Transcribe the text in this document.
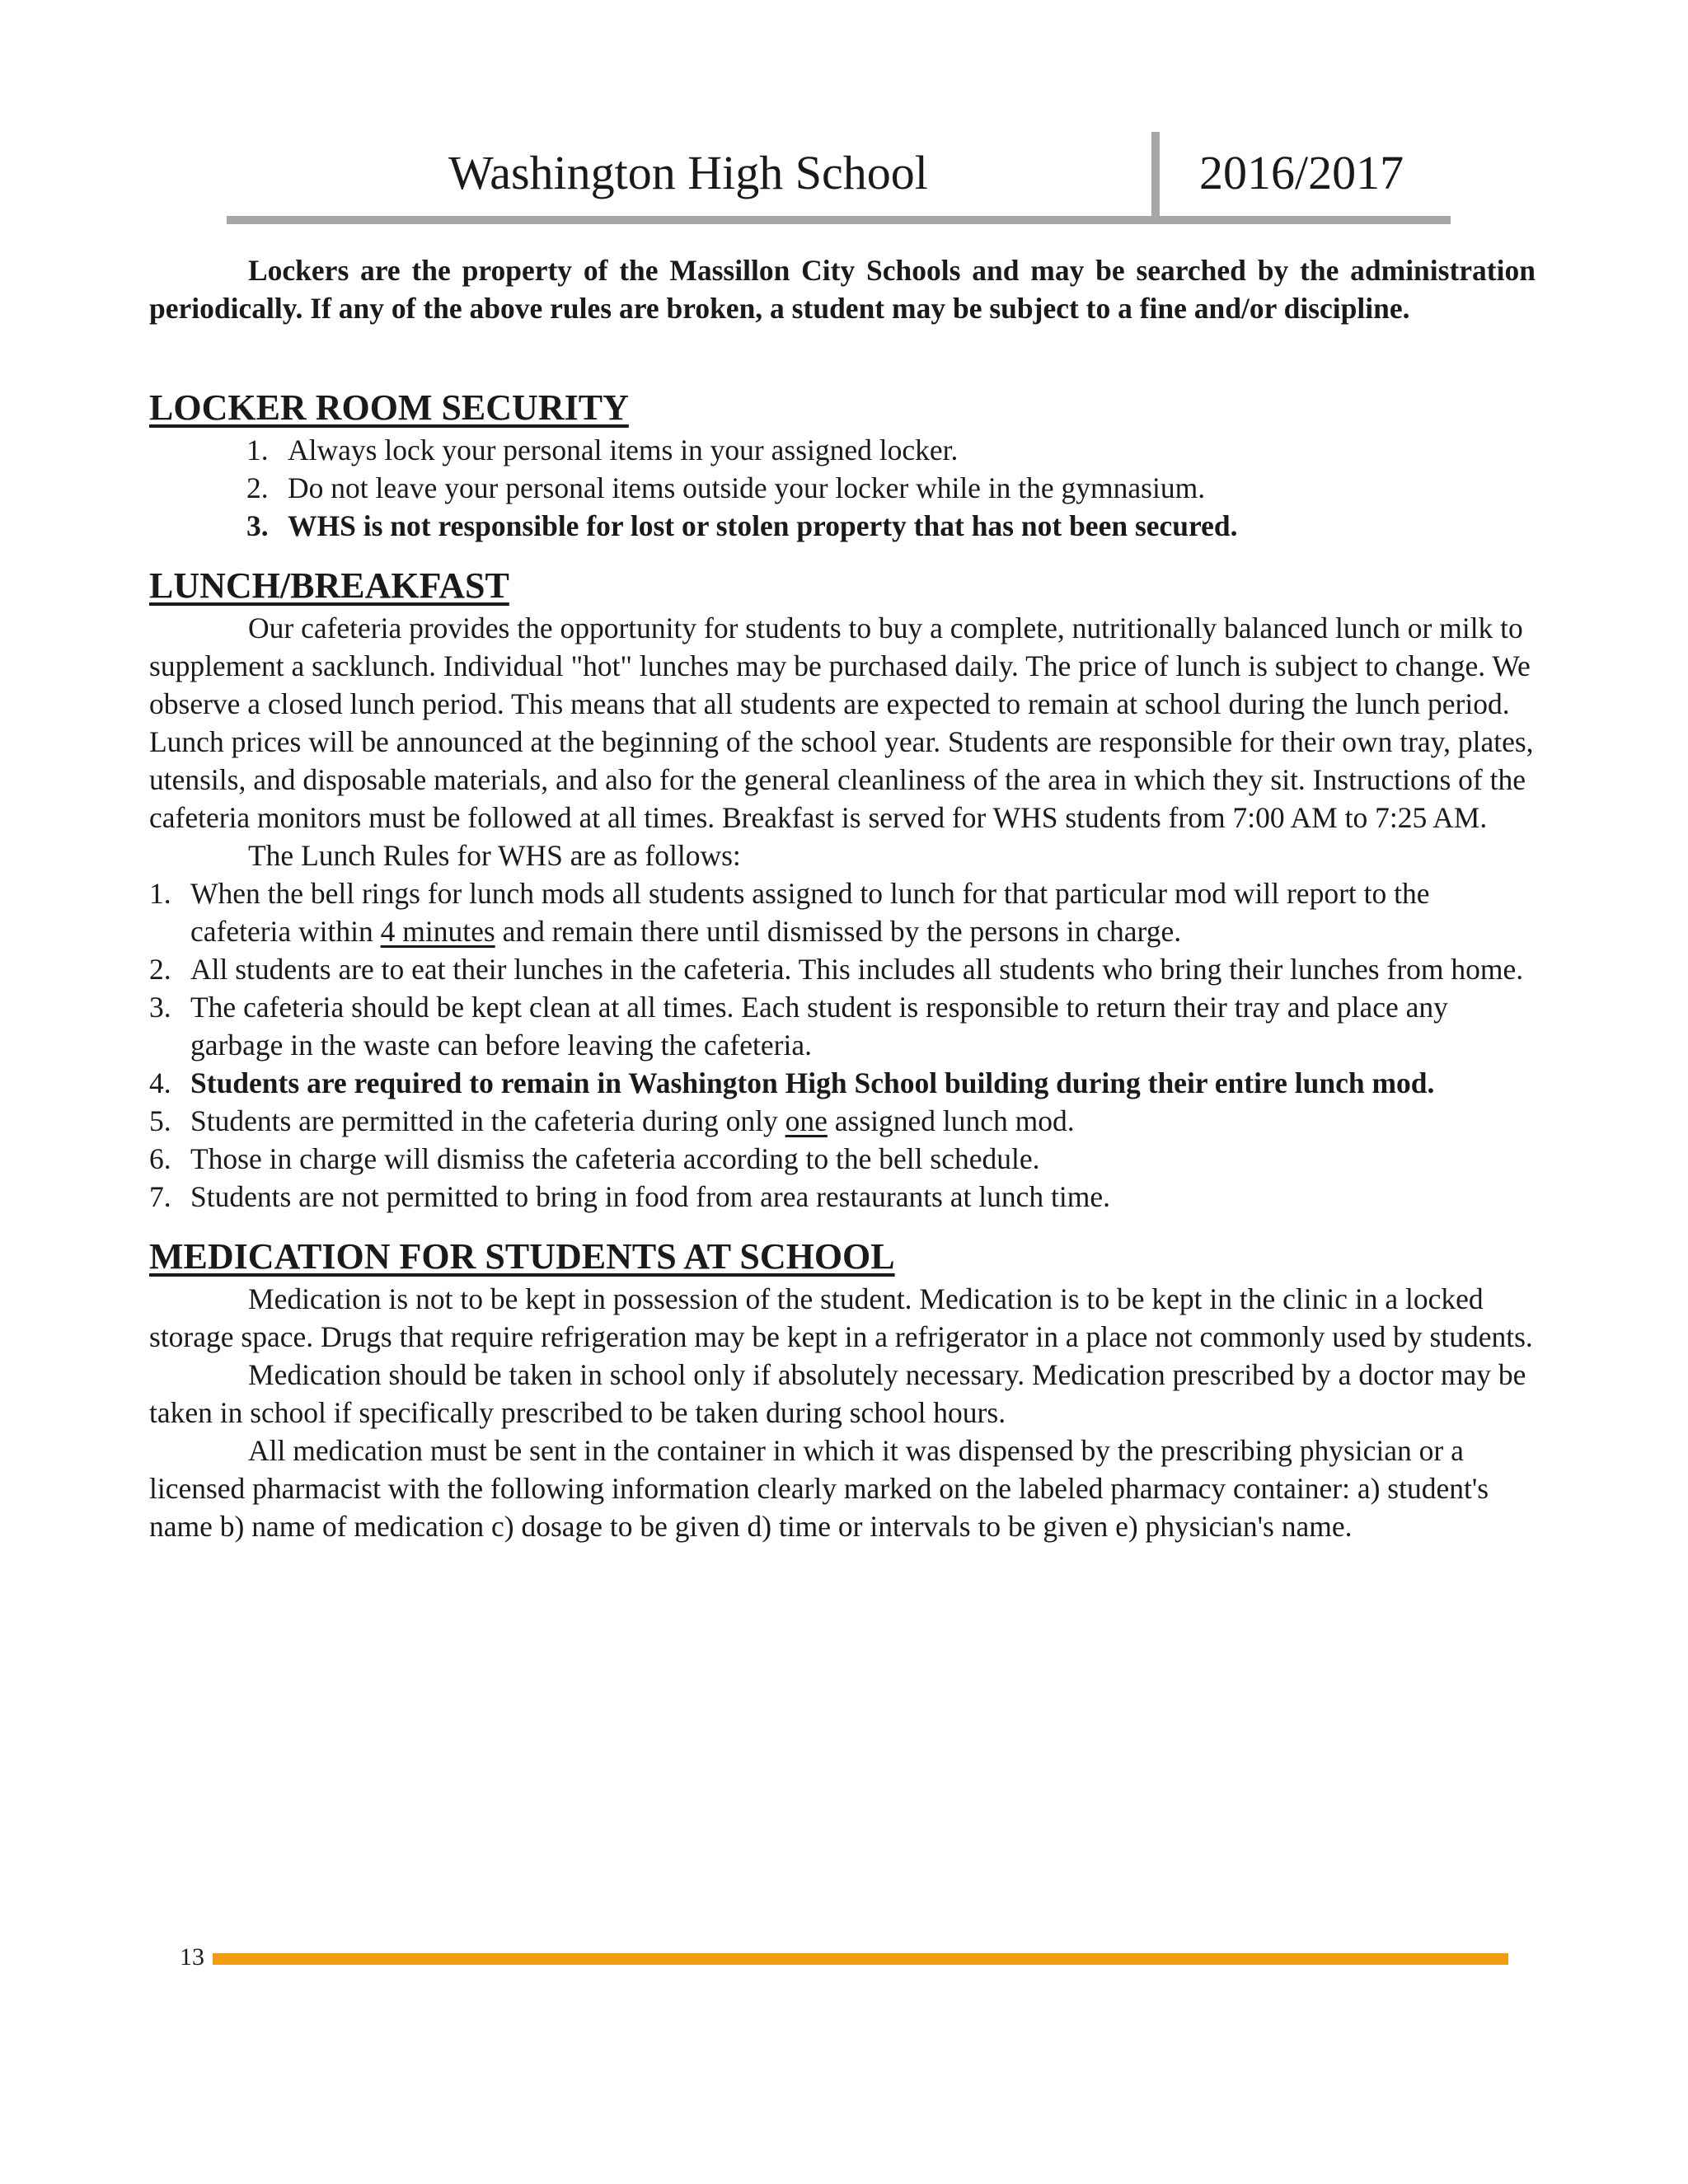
Washington High School	2016/2017

Lockers are the property of the Massillon City Schools and may be searched by the administration periodically. If any of the above rules are broken, a student may be subject to a fine and/or discipline.

LOCKER ROOM SECURITY
1. Always lock your personal items in your assigned locker.
2. Do not leave your personal items outside your locker while in the gymnasium.
3. WHS is not responsible for lost or stolen property that has not been secured.
LUNCH/BREAKFAST

Our cafeteria provides the opportunity for students to buy a complete, nutritionally balanced lunch or milk to supplement a sacklunch. Individual "hot" lunches may be purchased daily. The price of lunch is subject to change. We observe a closed lunch period. This means that all students are expected to remain at school during the lunch period. Lunch prices will be announced at the beginning of the school year. Students are responsible for their own tray, plates, utensils, and disposable materials, and also for the general cleanliness of the area in which they sit. Instructions of the cafeteria monitors must be followed at all times. Breakfast is served for WHS students from 7:00 AM to 7:25 AM.

The Lunch Rules for WHS are as follows:

1. When the bell rings for lunch mods all students assigned to lunch for that particular mod will report to the cafeteria within 4 minutes and remain there until dismissed by the persons in charge.
2. All students are to eat their lunches in the cafeteria. This includes all students who bring their lunches from home.
3. The cafeteria should be kept clean at all times. Each student is responsible to return their tray and place any garbage in the waste can before leaving the cafeteria.
4. Students are required to remain in Washington High School building during their entire lunch mod.
5. Students are permitted in the cafeteria during only one assigned lunch mod.
6. Those in charge will dismiss the cafeteria according to the bell schedule.
7. Students are not permitted to bring in food from area restaurants at lunch time.
MEDICATION FOR STUDENTS AT SCHOOL

Medication is not to be kept in possession of the student. Medication is to be kept in the clinic in a locked storage space. Drugs that require refrigeration may be kept in a refrigerator in a place not commonly used by students.

Medication should be taken in school only if absolutely necessary. Medication prescribed by a doctor may be taken in school if specifically prescribed to be taken during school hours.

All medication must be sent in the container in which it was dispensed by the prescribing physician or a licensed pharmacist with the following information clearly marked on the labeled pharmacy container: a) student's name b) name of medication c) dosage to be given d) time or intervals to be given e) physician's name.

13
